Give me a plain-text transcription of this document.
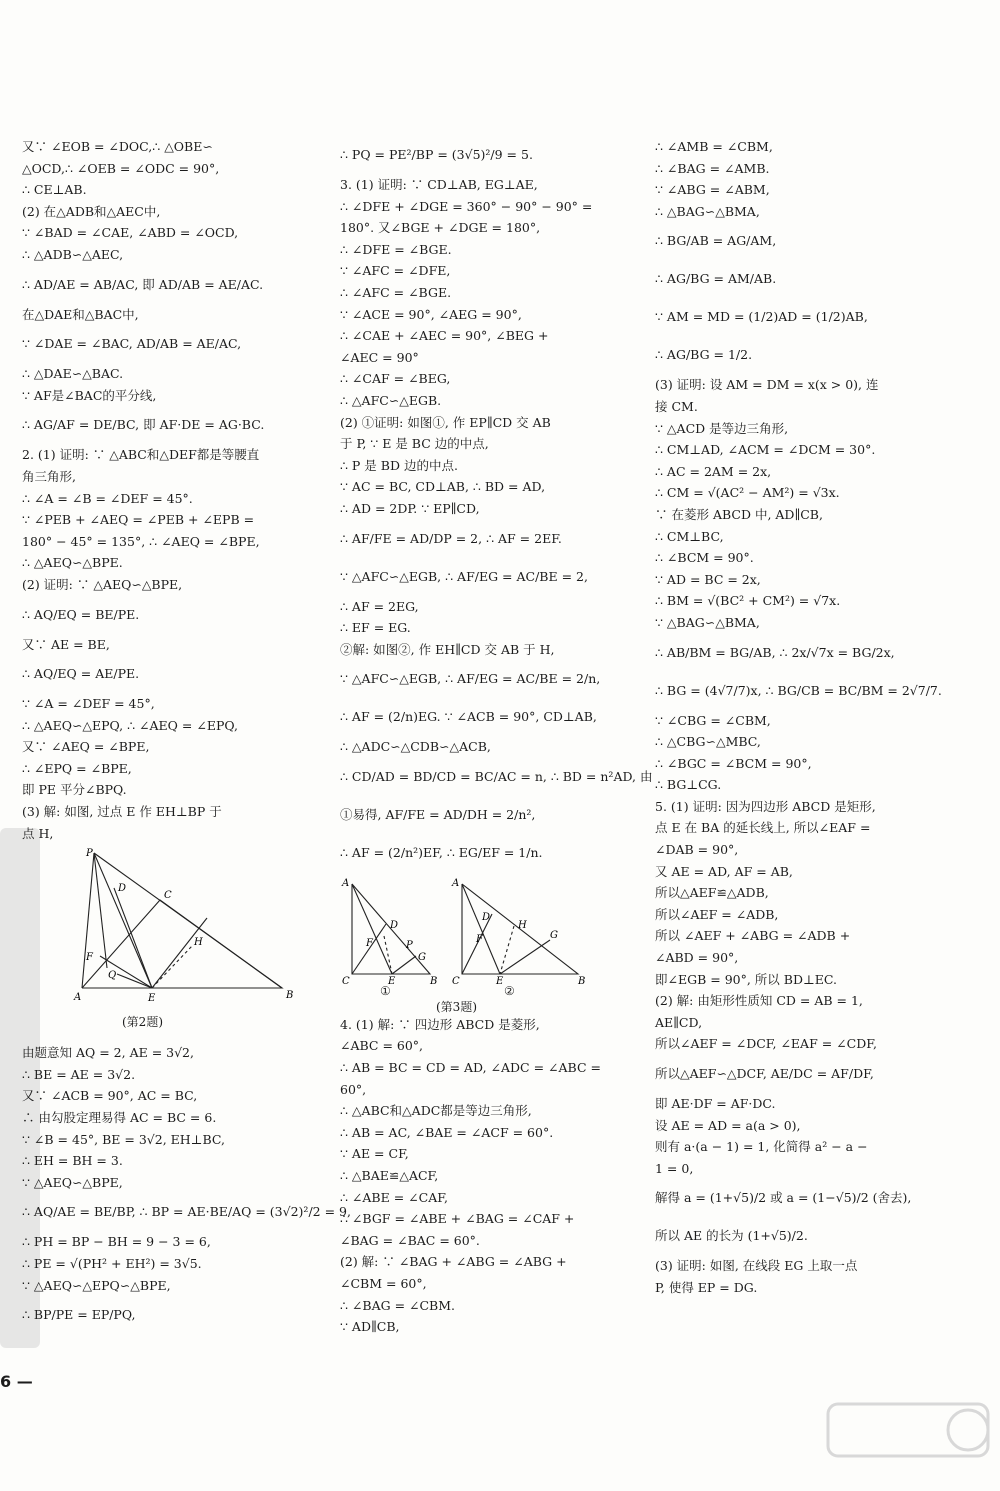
又∵ ∠EOB = ∠DOC,∴ △OBE∽
△OCD,∴ ∠OEB = ∠ODC = 90°,
∴ CE⊥AB.
(2) 在△ADB和△AEC中,
∵ ∠BAD = ∠CAE, ∠ABD = ∠OCD,
∴ △ADB∽△AEC,
∴ AD/AE = AB/AC, 即 AD/AB = AE/AC.
在△DAE和△BAC中,
∵ ∠DAE = ∠BAC, AD/AB = AE/AC,
∴ △DAE∽△BAC.
∵ AF是∠BAC的平分线,
∴ AG/AF = DE/BC, 即 AF·DE = AG·BC.
2. (1) 证明: ∵ △ABC和△DEF都是等腰直
角三角形,
∴ ∠A = ∠B = ∠DEF = 45°.
∵ ∠PEB + ∠AEQ = ∠PEB + ∠EPB =
180° − 45° = 135°, ∴ ∠AEQ = ∠BPE,
∴ △AEQ∽△BPE.
(2) 证明: ∵ △AEQ∽△BPE,
∴ AQ/EQ = BE/PE.
又∵ AE = BE,
∴ AQ/EQ = AE/PE.
∵ ∠A = ∠DEF = 45°,
∴ △AEQ∽△EPQ, ∴ ∠AEQ = ∠EPQ,
又∵ ∠AEQ = ∠BPE,
∴ ∠EPQ = ∠BPE,
即 PE 平分∠BPQ.
(3) 解: 如图, 过点 E 作 EH⊥BP 于
点 H,
P
D
C
H
F
Q
A	E	B
(第2题)
由题意知 AQ = 2, AE = 3√2,
∴ BE = AE = 3√2.
又∵ ∠ACB = 90°, AC = BC,
∴ 由勾股定理易得 AC = BC = 6.
∵ ∠B = 45°, BE = 3√2, EH⊥BC,
∴ EH = BH = 3.
∵ △AEQ∽△BPE,
∴ AQ/AE = BE/BP, ∴ BP = AE·BE/AQ = (3√2)²/2 = 9,
∴ PH = BP − BH = 9 − 3 = 6,
∴ PE = √(PH² + EH²) = 3√5.
∵ △AEQ∽△EPQ∽△BPE,
∴ BP/PE = EP/PQ,
∴ PQ = PE²/BP = (3√5)²/9 = 5.
3. (1) 证明: ∵ CD⊥AB, EG⊥AE,
∴ ∠DFE + ∠DGE = 360° − 90° − 90° =
180°. 又∠BGE + ∠DGE = 180°,
∴ ∠DFE = ∠BGE.
∵ ∠AFC = ∠DFE,
∴ ∠AFC = ∠BGE.
∵ ∠ACE = 90°, ∠AEG = 90°,
∴ ∠CAE + ∠AEC = 90°, ∠BEG +
∠AEC = 90°
∴ ∠CAF = ∠BEG,
∴ △AFC∽△EGB.
(2) ①证明: 如图①, 作 EP∥CD 交 AB
于 P, ∵ E 是 BC 边的中点,
∴ P 是 BD 边的中点.
∵ AC = BC, CD⊥AB, ∴ BD = AD,
∴ AD = 2DP. ∵ EP∥CD,
∴ AF/FE = AD/DP = 2, ∴ AF = 2EF.
∵ △AFC∽△EGB, ∴ AF/EG = AC/BE = 2,
∴ AF = 2EG,
∴ EF = EG.
②解: 如图②, 作 EH∥CD 交 AB 于 H,
∵ △AFC∽△EGB, ∴ AF/EG = AC/BE = 2/n,
∴ AF = (2/n)EG. ∵ ∠ACB = 90°, CD⊥AB,
∴ △ADC∽△CDB∽△ACB,
∴ CD/AD = BD/CD = BC/AC = n, ∴ BD = n²AD, 由
①易得, AF/FE = AD/DH = 2/n²,
∴ AF = (2/n²)EF, ∴ EG/EF = 1/n.
A
D
F	P
G
C	E	B
A
D
F
H
G
C	E	B
①	②
(第3题)
4. (1) 解: ∵ 四边形 ABCD 是菱形,
∠ABC = 60°,
∴ AB = BC = CD = AD, ∠ADC = ∠ABC =
60°,
∴ △ABC和△ADC都是等边三角形,
∴ AB = AC, ∠BAE = ∠ACF = 60°.
∵ AE = CF,
∴ △BAE≌△ACF,
∴ ∠ABE = ∠CAF,
∴ ∠BGF = ∠ABE + ∠BAG = ∠CAF +
∠BAG = ∠BAC = 60°.
(2) 解: ∵ ∠BAG + ∠ABG = ∠ABG +
∠CBM = 60°,
∴ ∠BAG = ∠CBM.
∵ AD∥CB,
∴ ∠AMB = ∠CBM,
∴ ∠BAG = ∠AMB.
∵ ∠ABG = ∠ABM,
∴ △BAG∽△BMA,
∴ BG/AB = AG/AM,
∴ AG/BG = AM/AB.
∵ AM = MD = (1/2)AD = (1/2)AB,
∴ AG/BG = 1/2.
(3) 证明: 设 AM = DM = x(x > 0), 连
接 CM.
∵ △ACD 是等边三角形,
∴ CM⊥AD, ∠ACM = ∠DCM = 30°.
∴ AC = 2AM = 2x,
∴ CM = √(AC² − AM²) = √3x.
∵ 在菱形 ABCD 中, AD∥CB,
∴ CM⊥BC,
∴ ∠BCM = 90°.
∵ AD = BC = 2x,
∴ BM = √(BC² + CM²) = √7x.
∵ △BAG∽△BMA,
∴ AB/BM = BG/AB, ∴ 2x/√7x = BG/2x,
∴ BG = (4√7/7)x, ∴ BG/CB = BC/BM = 2√7/7.
∵ ∠CBG = ∠CBM,
∴ △CBG∽△MBC,
∴ ∠BGC = ∠BCM = 90°,
∴ BG⊥CG.
5. (1) 证明: 因为四边形 ABCD 是矩形,
点 E 在 BA 的延长线上, 所以∠EAF =
∠DAB = 90°,
又 AE = AD, AF = AB,
所以△AEF≌△ADB,
所以∠AEF = ∠ADB,
所以 ∠AEF + ∠ABG = ∠ADB +
∠ABD = 90°,
即∠EGB = 90°, 所以 BD⊥EC.
(2) 解: 由矩形性质知 CD = AB = 1,
AE∥CD,
所以∠AEF = ∠DCF, ∠EAF = ∠CDF,
所以△AEF∽△DCF, AE/DC = AF/DF,
即 AE·DF = AF·DC.
设 AE = AD = a(a > 0),
则有 a·(a − 1) = 1, 化简得 a² − a −
1 = 0,
解得 a = (1+√5)/2 或 a = (1−√5)/2 (舍去),
所以 AE 的长为 (1+√5)/2.
(3) 证明: 如图, 在线段 EG 上取一点
P, 使得 EP = DG.
6 —
